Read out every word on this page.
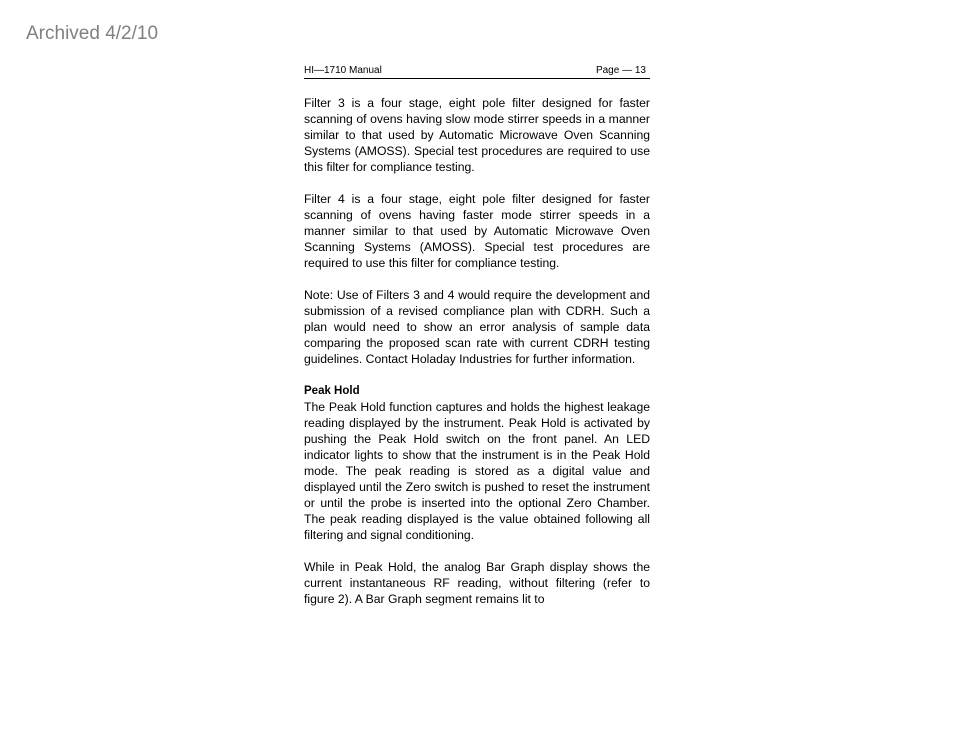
Archived 4/2/10
HI—1710 Manual	Page — 13

Filter 3 is a four stage, eight pole filter designed for faster scanning of ovens having slow mode stirrer speeds in a manner similar to that used by Automatic Microwave Oven Scanning Systems (AMOSS). Special test procedures are required to use this filter for compliance testing.

Filter 4 is a four stage, eight pole filter designed for faster scanning of ovens having faster mode stirrer speeds in a manner similar to that used by Automatic Microwave Oven Scanning Systems (AMOSS). Special test procedures are required to use this filter for compliance testing.

Note: Use of Filters 3 and 4 would require the development and submission of a revised compliance plan with CDRH. Such a plan would need to show an error analysis of sample data comparing the proposed scan rate with current CDRH testing guidelines. Contact Holaday Industries for further information.

Peak Hold

The Peak Hold function captures and holds the highest leakage reading displayed by the instrument. Peak Hold is activated by pushing the Peak Hold switch on the front panel. An LED indicator lights to show that the instrument is in the Peak Hold mode. The peak reading is stored as a digital value and displayed until the Zero switch is pushed to reset the instrument or until the probe is inserted into the optional Zero Chamber. The peak reading displayed is the value obtained following all filtering and signal conditioning.

While in Peak Hold, the analog Bar Graph display shows the current instantaneous RF reading, without filtering (refer to figure 2). A Bar Graph segment remains lit to
